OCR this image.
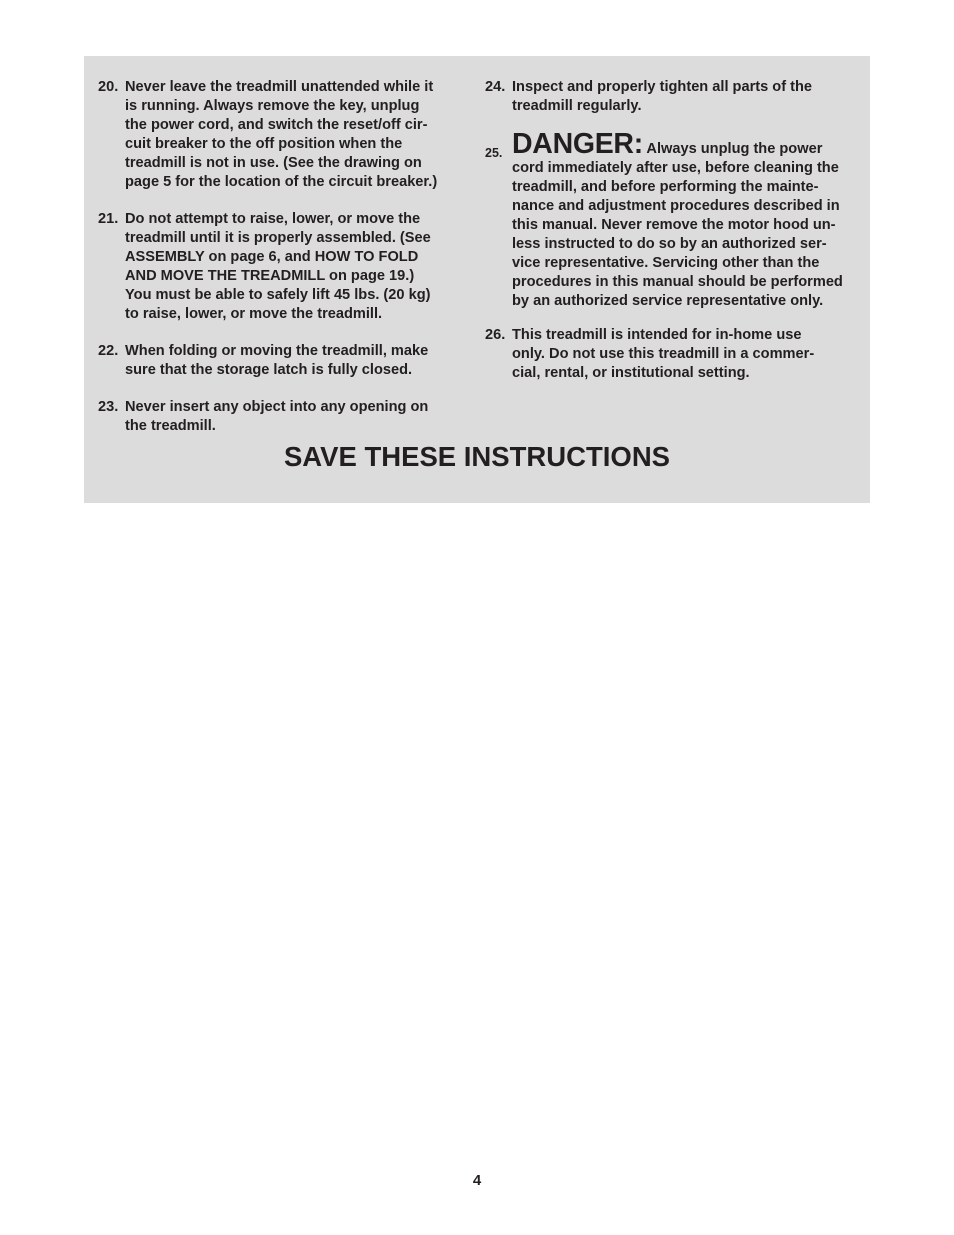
20. Never leave the treadmill unattended while it
is running. Always remove the key, unplug
the power cord, and switch the reset/off cir-
cuit breaker to the off position when the
treadmill is not in use. (See the drawing on
page 5 for the location of the circuit breaker.)
21. Do not attempt to raise, lower, or move the
treadmill until it is properly assembled. (See
ASSEMBLY on page 6, and HOW TO FOLD
AND MOVE THE TREADMILL on page 19.)
You must be able to safely lift 45 lbs. (20 kg)
to raise, lower, or move the treadmill.
22. When folding or moving the treadmill, make
sure that the storage latch is fully closed.
23. Never insert any object into any opening on
the treadmill.
24. Inspect and properly tighten all parts of the
treadmill regularly.
25. DANGER: Always unplug the power
cord immediately after use, before cleaning the
treadmill, and before performing the mainte-
nance and adjustment procedures described in
this manual. Never remove the motor hood un-
less instructed to do so by an authorized ser-
vice representative. Servicing other than the
procedures in this manual should be performed
by an authorized service representative only.
26. This treadmill is intended for in-home use
only. Do not use this treadmill in a commer-
cial, rental, or institutional setting.
SAVE THESE INSTRUCTIONS
4
